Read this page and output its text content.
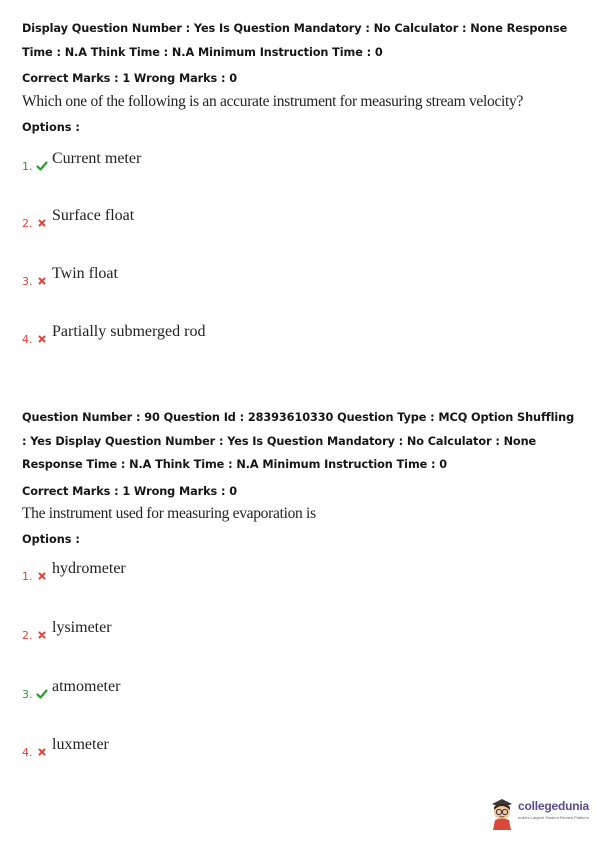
Display Question Number : Yes Is Question Mandatory : No Calculator : None Response Time : N.A Think Time : N.A Minimum Instruction Time : 0
Correct Marks : 1 Wrong Marks : 0
Which one of the following is an accurate instrument for measuring stream velocity?
Options :
1. Current meter
2. Surface float
3. Twin float
4. Partially submerged rod
Question Number : 90 Question Id : 28393610330 Question Type : MCQ Option Shuffling : Yes Display Question Number : Yes Is Question Mandatory : No Calculator : None Response Time : N.A Think Time : N.A Minimum Instruction Time : 0
Correct Marks : 1 Wrong Marks : 0
The instrument used for measuring evaporation is
Options :
1. hydrometer
2. lysimeter
3. atmometer
4. luxmeter
collegedunia
India's Largest Student Review Platform
